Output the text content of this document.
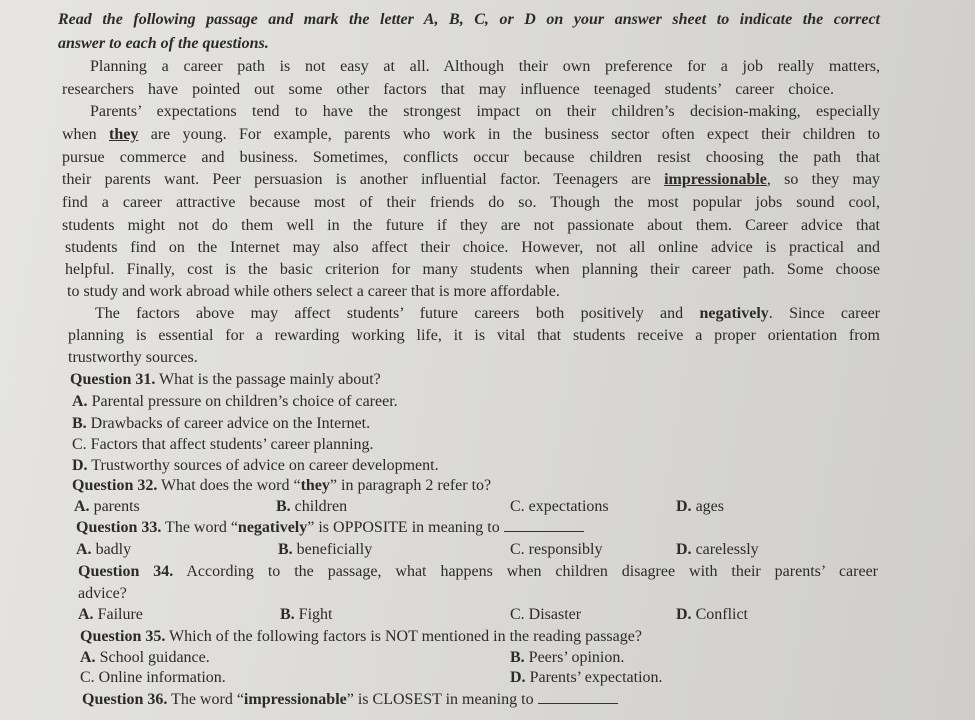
Read the following passage and mark the letter A, B, C, or D on your answer sheet to indicate the correct
answer to each of the questions.
Planning a career path is not easy at all. Although their own preference for a job really matters,
researchers have pointed out some other factors that may influence teenaged students’ career choice.
Parents’ expectations tend to have the strongest impact on their children’s decision-making, especially
when they are young. For example, parents who work in the business sector often expect their children to
pursue commerce and business. Sometimes, conflicts occur because children resist choosing the path that
their parents want. Peer persuasion is another influential factor. Teenagers are impressionable, so they may
find a career attractive because most of their friends do so. Though the most popular jobs sound cool,
students might not do them well in the future if they are not passionate about them. Career advice that
students find on the Internet may also affect their choice. However, not all online advice is practical and
helpful. Finally, cost is the basic criterion for many students when planning their career path. Some choose
to study and work abroad while others select a career that is more affordable.
The factors above may affect students’ future careers both positively and negatively. Since career
planning is essential for a rewarding working life, it is vital that students receive a proper orientation from
trustworthy sources.
Question 31. What is the passage mainly about?
A. Parental pressure on children’s choice of career.
B. Drawbacks of career advice on the Internet.
C. Factors that affect students’ career planning.
D. Trustworthy sources of advice on career development.
Question 32. What does the word “they” in paragraph 2 refer to?
A. parents	B. children	C. expectations	D. ages
Question 33. The word “negatively” is OPPOSITE in meaning to
A. badly	B. beneficially	C. responsibly	D. carelessly
Question 34. According to the passage, what happens when children disagree with their parents’ career
advice?
A. Failure	B. Fight	C. Disaster	D. Conflict
Question 35. Which of the following factors is NOT mentioned in the reading passage?
A. School guidance.	B. Peers’ opinion.
C. Online information.	D. Parents’ expectation.
Question 36. The word “impressionable” is CLOSEST in meaning to
